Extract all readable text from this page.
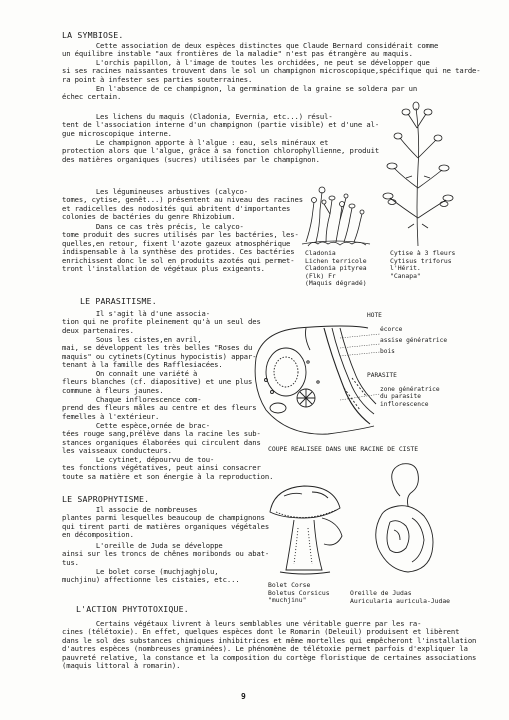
LA SYMBIOSE.

Cette association de deux espèces distinctes que Claude Bernard considérait comme
un équilibre instable "aux frontières de la maladie" n'est pas étrangère au maquis.

L'orchis papillon, à l'image de toutes les orchidées, ne peut se développer que
si ses racines naissantes trouvent dans le sol un champignon microscopique,spécifique qui ne tarde-
ra point à infester ses parties souterraines.

En l'absence de ce champignon, la germination de la graine se soldera par un
échec certain.

Les lichens du maquis (Cladonia, Evernia, etc...) résul-
tent de l'association interne d'un champignon (partie visible) et d'une al-
gue microscopique interne.

Le champignon apporte à l'algue : eau, sels minéraux et
protection alors que l'algue, grâce à sa fonction chlorophyllienne, produit
des matières organiques (sucres) utilisées par le champignon.

Les légumineuses arbustives (calyco-
tomes, cytise, genêt...) présentent au niveau des racines
et radicelles des nodosités qui abritent d'importantes
colonies de bactéries du genre Rhizobium.

Dans ce cas très précis, le calyco-
tome produit des sucres utilisés par les bactéries, les-
quelles,en retour, fixent l'azote gazeux atmosphérique
indispensable à la synthèse des protides. Ces bactéries
enrichissent donc le sol en produits azotés qui permet-
tront l'installation de végétaux plus exigeants.

Cladonia
Lichen terricole
Cladonia pityrea
(Flk) Fr
(Maquis dégradé)

Cytise à 3 fleurs
Cytisus triforus
l'Hérit.
"Canapa"

LE PARASITISME.

Il s'agit là d'une associa-
tion qui ne profite pleinement qu'à un seul des
deux partenaires.

Sous les cistes,en avril,
mai, se développent les très belles "Roses du
maquis" ou cytinets(Cytinus hypocistis) appar-
tenant à la famille des Rafflesiacées.

On connaît une variété à
fleurs blanches (cf. diapositive) et une plus
commune à fleurs jaunes.

Chaque inflorescence com-
prend des fleurs mâles au centre et des fleurs
femelles à l'extérieur.

Cette espèce,ornée de brac-
tées rouge sang,prélève dans la racine les sub-
stances organiques élaborées qui circulent dans
les vaisseaux conducteurs.

Le cytinet, dépourvu de tou-
tes fonctions végétatives, peut ainsi consacrer
toute sa matière et son énergie à la reproduction.

HOTE

écorce

assise génératrice

bois

PARASITE

zone génératrice
du parasite
inflorescence

COUPE REALISEE DANS UNE RACINE DE CISTE

LE SAPROPHYTISME.

Il associe de nombreuses
plantes parmi lesquelles beaucoup de champignons
qui tirent parti de matières organiques végétales
en décomposition.

L'oreille de Juda se développe
ainsi sur les troncs de chênes moribonds ou abat-
tus.

Le bolet corse (muchjaghjolu,
muchjinu) affectionne les cistaies, etc...

Bolet Corse
Boletus Corsicus
"muchjinu"

Oreille de Judas
Auricularia auricula-Judae

L'ACTION PHYTOTOXIQUE.

Certains végétaux livrent à leurs semblables une véritable guerre par les ra-
cines (télétoxie). En effet, quelques espèces dont le Romarin (Deleuil) produisent et libèrent
dans le sol des substances chimiques inhibitrices et même mortelles qui empêcheront l'installation
d'autres espèces (nombreuses graminées). Le phénomène de télétoxie permet parfois d'expliquer la
pauvreté relative, la constance et la composition du cortège floristique de certaines associations
(maquis littoral à romarin).

9
